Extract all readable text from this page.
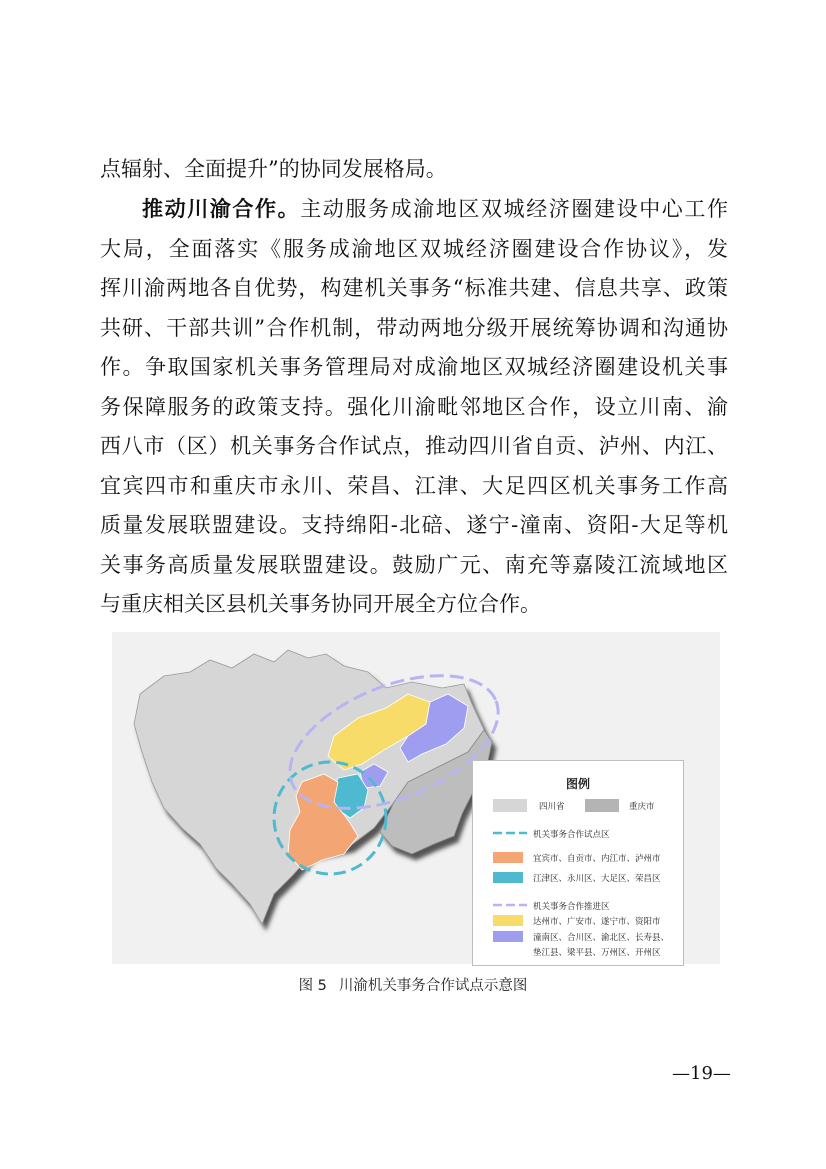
点辐射、全面提升”的协同发展格局。
推动川渝合作。主动服务成渝地区双城经济圈建设中心工作
大局，全面落实《服务成渝地区双城经济圈建设合作协议》，发
挥川渝两地各自优势，构建机关事务“标准共建、信息共享、政策
共研、干部共训”合作机制，带动两地分级开展统筹协调和沟通协
作。争取国家机关事务管理局对成渝地区双城经济圈建设机关事
务保障服务的政策支持。强化川渝毗邻地区合作，设立川南、渝
西八市（区）机关事务合作试点，推动四川省自贡、泸州、内江、
宜宾四市和重庆市永川、荣昌、江津、大足四区机关事务工作高
质量发展联盟建设。支持绵阳-北碚、遂宁-潼南、资阳-大足等机
关事务高质量发展联盟建设。鼓励广元、南充等嘉陵江流域地区
与重庆相关区县机关事务协同开展全方位合作。
图例
四川省	重庆市
机关事务合作试点区
宜宾市、自贡市、内江市、泸州市
江津区、永川区、大足区、荣昌区
机关事务合作推进区
达州市、广安市、遂宁市、资阳市
潼南区、合川区、渝北区、长寿县、
垫江县、梁平县、万州区、开州区
图 5 川渝机关事务合作试点示意图
—19—
